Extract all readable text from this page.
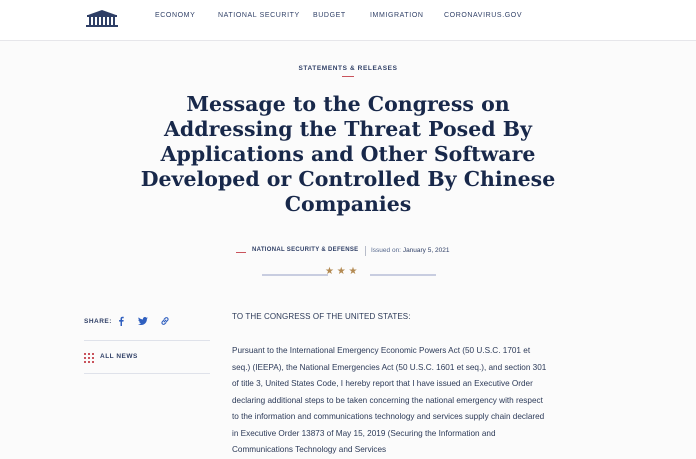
ECONOMY	NATIONAL SECURITY BUDGET	IMMIGRATION	CORONAVIRUS.GOV
STATEMENTS & RELEASES
Message to the Congress on Addressing the Threat Posed By Applications and Other Software Developed or Controlled By Chinese Companies
NATIONAL SECURITY & DEFENSE Issued on: January 5, 2021
★ ★ ★
SHARE:
ALL NEWS
TO THE CONGRESS OF THE UNITED STATES:
Pursuant to the International Emergency Economic Powers Act (50 U.S.C. 1701 et seq.) (IEEPA), the National Emergencies Act (50 U.S.C. 1601 et seq.), and section 301 of title 3, United States Code, I hereby report that I have issued an Executive Order declaring additional steps to be taken concerning the national emergency with respect to the information and communications technology and services supply chain declared in Executive Order 13873 of May 15, 2019 (Securing the Information and Communications Technology and Services
